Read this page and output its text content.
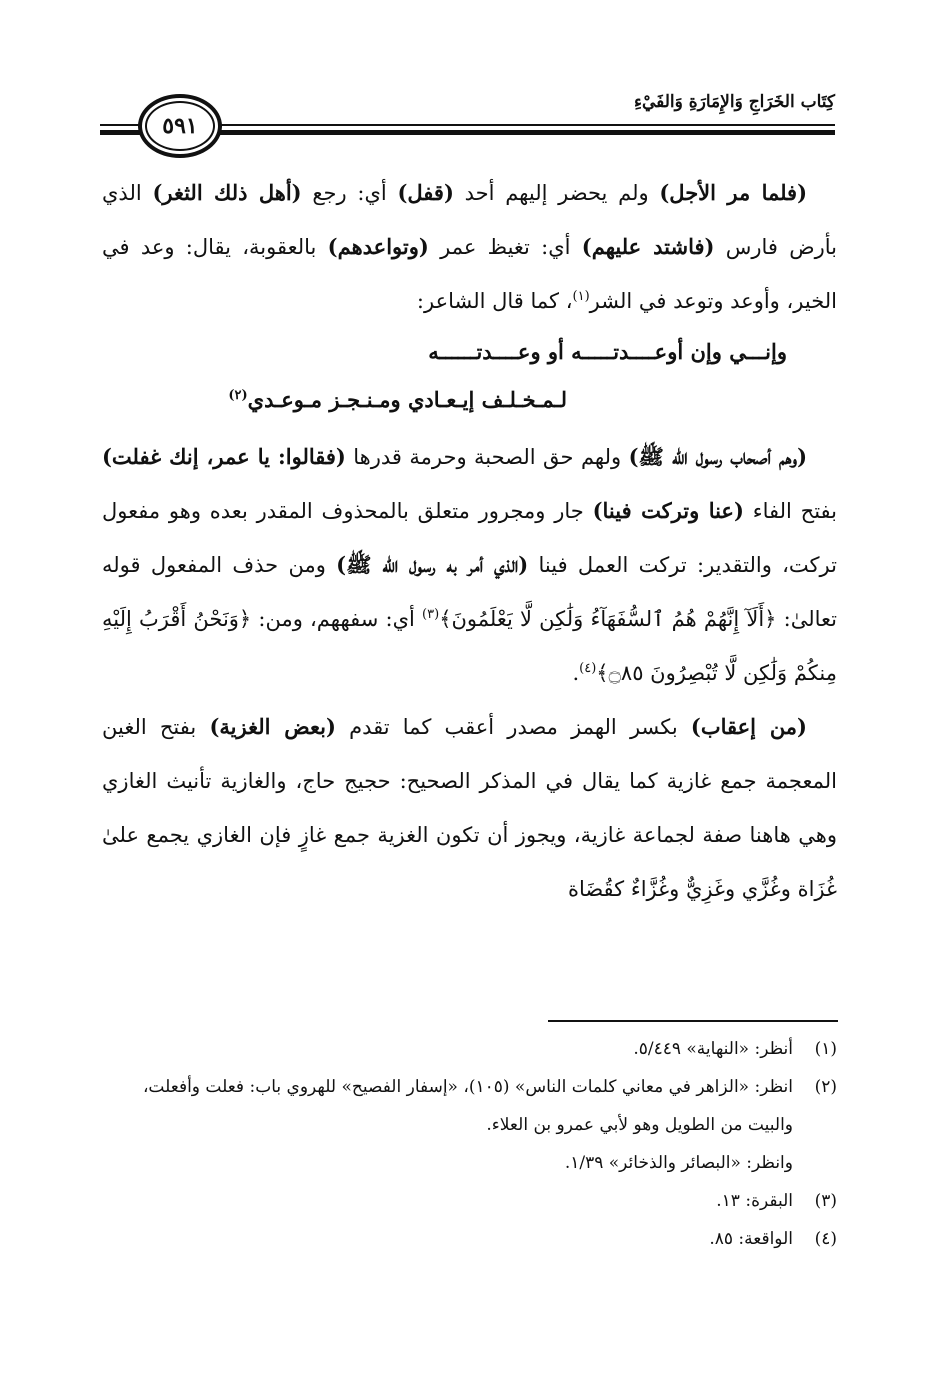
كِتَاب الخَرَاجِ وَالإِمَارَةِ وَالفَيْءِ
٥٩١

(فلما مر الأجل) ولم يحضر إليهم أحد (قفل) أي: رجع (أهل ذلك الثغر) الذي بأرض فارس (فاشتد عليهم) أي: تغيظ عمر (وتواعدهم) بالعقوبة، يقال: وعد في الخير، وأوعد وتوعد في الشر$^{(١)}$، كما قال الشاعر:

وإنـــي وإن أوعــــدتـــــه أو وعــــدتــــــه

لـمـخـلـف إيـعـادي ومـنـجـز مـوعـدي$^{(٢)}$

(وهم أصحاب رسول الله ﷺ) ولهم حق الصحبة وحرمة قدرها (فقالوا: يا عمر، إنك غفلت) بفتح الفاء (عنا وتركت فينا) جار ومجرور متعلق بالمحذوف المقدر بعده وهو مفعول تركت، والتقدير: تركت العمل فينا (الذي أمر به رسول الله ﷺ) ومن حذف المفعول قوله تعالىٰ: ﴿أَلَآ إِنَّهُمْ هُمُ ٱلسُّفَهَآءُ وَلَٰكِن لَّا يَعْلَمُونَ﴾$^{(٣)}$ أي: سفههم، ومن: ﴿وَنَحْنُ أَقْرَبُ إِلَيْهِ مِنكُمْ وَلَٰكِن لَّا تُبْصِرُونَ ۝٨٥﴾$^{(٤)}$.

(من إعقاب) بكسر الهمز مصدر أعقب كما تقدم (بعض الغزية) بفتح الغين المعجمة جمع غازية كما يقال في المذكر الصحيح: حجيج حاج، والغازية تأنيث الغازي وهي هاهنا صفة لجماعة غازية، ويجوز أن تكون الغزية جمع غازٍ فإن الغازي يجمع علىٰ غُزَاة وغُزَّي وغَزِيٌّ وغُزَّاءٌ كقُضَاة

(١)
أنظر: «النهاية» ٥/٤٤٩.
(٢)
انظر: «الزاهر في معاني كلمات الناس» (١٠٥)، «إسفار الفصيح» للهروي باب: فعلت وأفعلت، والبيت من الطويل وهو لأبي عمرو بن العلاء.
وانظر: «البصائر والذخائر» ١/٣٩.
(٣)
البقرة: ١٣.
(٤)
الواقعة: ٨٥.
